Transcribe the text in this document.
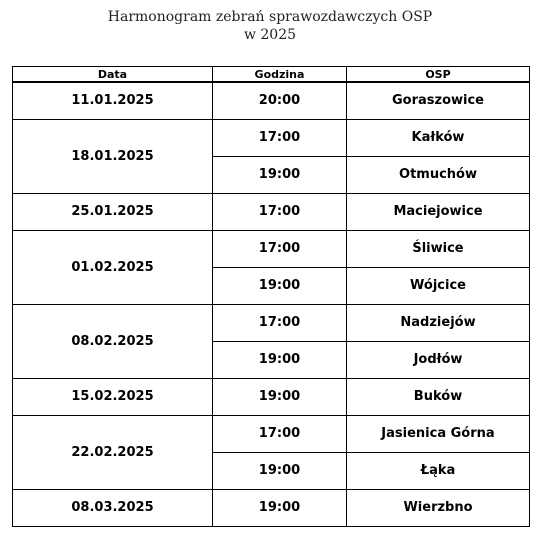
Harmonogram zebrań sprawozdawczych OSP
w 2025
Data	Godzina	OSP
11.01.2025	20:00	Goraszowice
18.01.2025	17:00	Kałków
	19:00	Otmuchów
25.01.2025	17:00	Maciejowice
01.02.2025	17:00	Śliwice
	19:00	Wójcice
08.02.2025	17:00	Nadziejów
	19:00	Jodłów
15.02.2025	19:00	Buków
22.02.2025	17:00	Jasienica Górna
	19:00	Łąka
08.03.2025	19:00	Wierzbno
